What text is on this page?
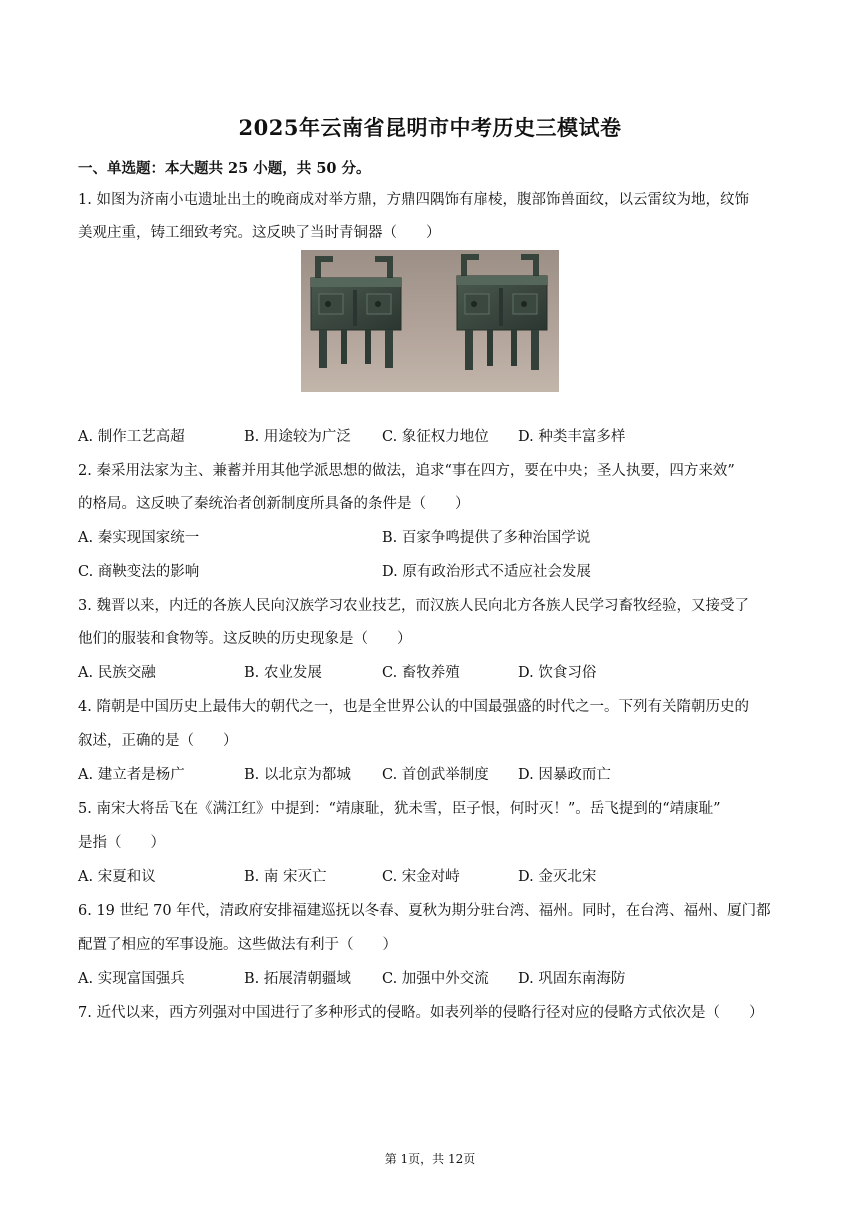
2025年云南省昆明市中考历史三模试卷
一、单选题：本大题共 25 小题，共 50 分。
1. 如图为济南小屯遗址出土的晚商成对举方鼎，方鼎四隅饰有扉棱，腹部饰兽面纹，以云雷纹为地，纹饰
美观庄重，铸工细致考究。这反映了当时青铜器（　　）
A. 制作工艺高超	B. 用途较为广泛 C. 象征权力地位 D. 种类丰富多样
2. 秦采用法家为主、兼蓄并用其他学派思想的做法，追求“事在四方，要在中央；圣人执要，四方来效”
的格局。这反映了秦统治者创新制度所具备的条件是（　　）
A. 秦实现国家统一	B. 百家争鸣提供了多种治国学说
C. 商鞅变法的影响	D. 原有政治形式不适应社会发展
3. 魏晋以来，内迁的各族人民向汉族学习农业技艺，而汉族人民向北方各族人民学习畜牧经验，又接受了
他们的服装和食物等。这反映的历史现象是（　　）
A. 民族交融	B. 农业发展	C. 畜牧养殖	D. 饮食习俗
4. 隋朝是中国历史上最伟大的朝代之一，也是全世界公认的中国最强盛的时代之一。下列有关隋朝历史的
叙述，正确的是（　　）
A. 建立者是杨广	B. 以北京为都城 C. 首创武举制度 D. 因暴政而亡
5. 南宋大将岳飞在《满江红》中提到：“靖康耻，犹未雪，臣子恨，何时灭！”。岳飞提到的“靖康耻”
是指（　　）
A. 宋夏和议	B. 南 宋灭亡	C. 宋金对峙	D. 金灭北宋
6. 19 世纪 70 年代，清政府安排福建巡抚以冬春、夏秋为期分驻台湾、福州。同时，在台湾、福州、厦门都
配置了相应的军事设施。这些做法有利于（　　）
A. 实现富国强兵	B. 拓展清朝疆域 C. 加强中外交流 D. 巩固东南海防
7. 近代以来，西方列强对中国进行了多种形式的侵略。如表列举的侵略行径对应的侵略方式依次是（　　）
第 1页，共 12页
